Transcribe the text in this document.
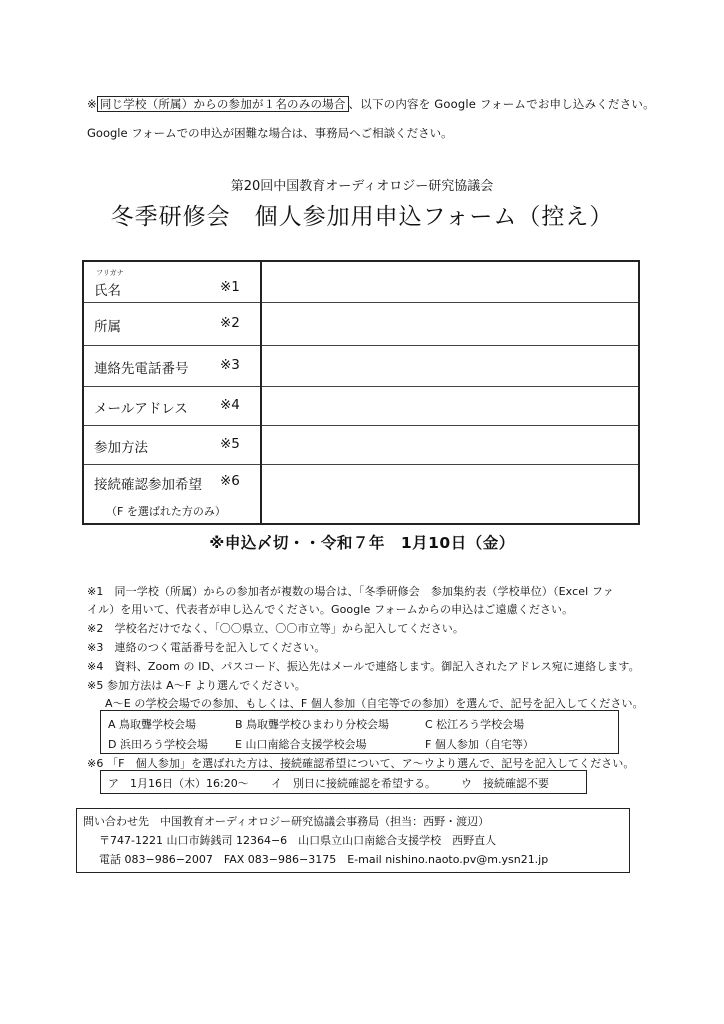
※ 同じ学校（所属）からの参加が１名のみの場合 、以下の内容を Google フォームでお申し込みください。
Google フォームでの申込が困難な場合は、事務局へご相談ください。
第20回中国教育オーディオロジー研究協議会
冬季研修会　個人参加用申込フォーム（控え）
フリガナ
氏名 ※1	

所属 ※2	

連絡先電話番号 ※3	

メールアドレス ※4	

参加方法 ※5	

接続確認参加希望 ※6
（F を選ばれた方のみ）	

※申込〆切・・令和７年　1月10日（金）
※1　同一学校（所属）からの参加者が複数の場合は、「冬季研修会　参加集約表（学校単位）（Excel ファ
イル）を用いて、代表者が申し込んでください。Google フォームからの申込はご遠慮ください。
※2　学校名だけでなく、「〇〇県立、〇〇市立等」から記入してください。
※3　連絡のつく電話番号を記入してください。
※4　資料、Zoom の ID、パスコード、振込先はメールで連絡します。御記入されたアドレス宛に連絡します。
※5 参加方法は A～F より選んでください。
A～E の学校会場での参加、もしくは、F 個人参加（自宅等での参加）を選んで、記号を記入してください。
A 鳥取聾学校会場	B 鳥取聾学校ひまわり分校会場	C 松江ろう学校会場
D 浜田ろう学校会場 E 山口南総合支援学校会場	F 個人参加（自宅等）
※6 「F　個人参加」を選ばれた方は、接続確認希望について、ア～ウより選んで、記号を記入してください。
ア　1月16日（木）16:20～ イ　別日に接続確認を希望する。 ウ　接続確認不要
問い合わせ先　中国教育オーディオロジー研究協議会事務局（担当：西野・渡辺）
〒747-1221 山口市鋳銭司 12364−6　山口県立山口南総合支援学校　西野直人
電話 083−986−2007　FAX 083−986−3175　E-mail nishino.naoto.pv@m.ysn21.jp
